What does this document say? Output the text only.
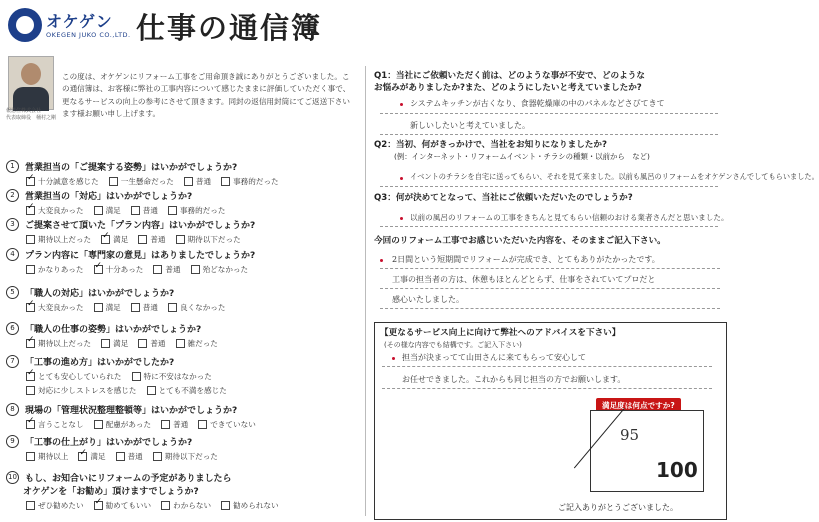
オケゲン
OKEGEN JUKO CO.,LTD. 仕事の通信簿
報恩住株式会社
代表取締役　桶村之剛
この度は、オケゲンにリフォーム工事をご用命頂き誠にありがとうございました。この通信簿は、お客様に弊社の工事内容について感じたままに評価していただく事で、更なるサービスの向上の参考にさせて頂きます。同封の返信用封筒にてご返送下さいます様お願い申し上げます。
1	営業担当の「ご提案する姿勢」はいかがでしょうか?
✓
十分誠意を感じた	一生懸命だった	普通	事務的だった
2	営業担当の「対応」はいかがでしょうか?
✓
大変良かった	満足	普通	事務的だった
3	ご提案させて頂いた「プラン内容」はいかがでしょうか?
期待以上だった ✓	満足	普通	期待以下だった
4	プラン内容に「専門家の意見」はありましたでしょうか?
かなりあった ✓	十分あった	普通	殆どなかった
5	「職人の対応」はいかがでしょうか?
✓
大変良かった	満足	普通	良くなかった
6	「職人の仕事の姿勢」はいかがでしょうか?
✓
期待以上だった	満足	普通	雑だった
7	「工事の進め方」はいかがでしたか?
✓
とても安心していられた	特に不安はなかった
対応に少しストレスを感じた	とても不満を感じた
8	現場の「管理状況整理整頓等」はいかがでしょうか?
✓
言うことなし	配慮があった	普通	できていない
9	「工事の仕上がり」はいかがでしょうか?
期待以上 ✓	満足	普通	期待以下だった
10 もし、お知合いにリフォームの予定がありましたら
オケゲンを「お勧め」頂けますでしょうか?
ぜひ勧めたい ✓	勧めてもいい	わからない	勧められない
Q1：当社にご依頼いただく前は、どのような事が不安で、どのような
お悩みがありましたか?また、どのようにしたいと考えていましたか?
システムキッチンが古くなり、食器乾燥庫の中のパネルなどさびてきて
新しいしたいと考えていました。
Q2：当初、何がきっかけで、当社をお知りになりましたか?
(例：インターネット・リフォームイベント・チラシの種類・以前から　など)
イベントのチラシを自宅に送ってもらい、それを見て来ました。以前も風呂のリフォームをオケゲンさんでしてもらいました。
Q3：何が決めてとなって、当社にご依頼いただいたのでしょうか?
以前の風呂のリフォームの工事をきちんと見てもらい信頼のおける業者さんだと思いました。
今回のリフォーム工事でお感じいただいた内容を、そのままご記入下さい。
2日間という短期間でリフォームが完成でき、とてもありがたかったです。
工事の担当者の方は、休憩もほとんどとらず、仕事をされていてプロだと
感心いたしました。
【更なるサービス向上に向けて弊社へのアドバイスを下さい】
(その様な内容でも結構です。ご記入下さい)
担当が決まってて山田さんに来てもらって安心して
お任せできました。これからも同じ担当の方でお願いします。
満足度は何点ですか?
95
100
ご記入ありがとうございました。
